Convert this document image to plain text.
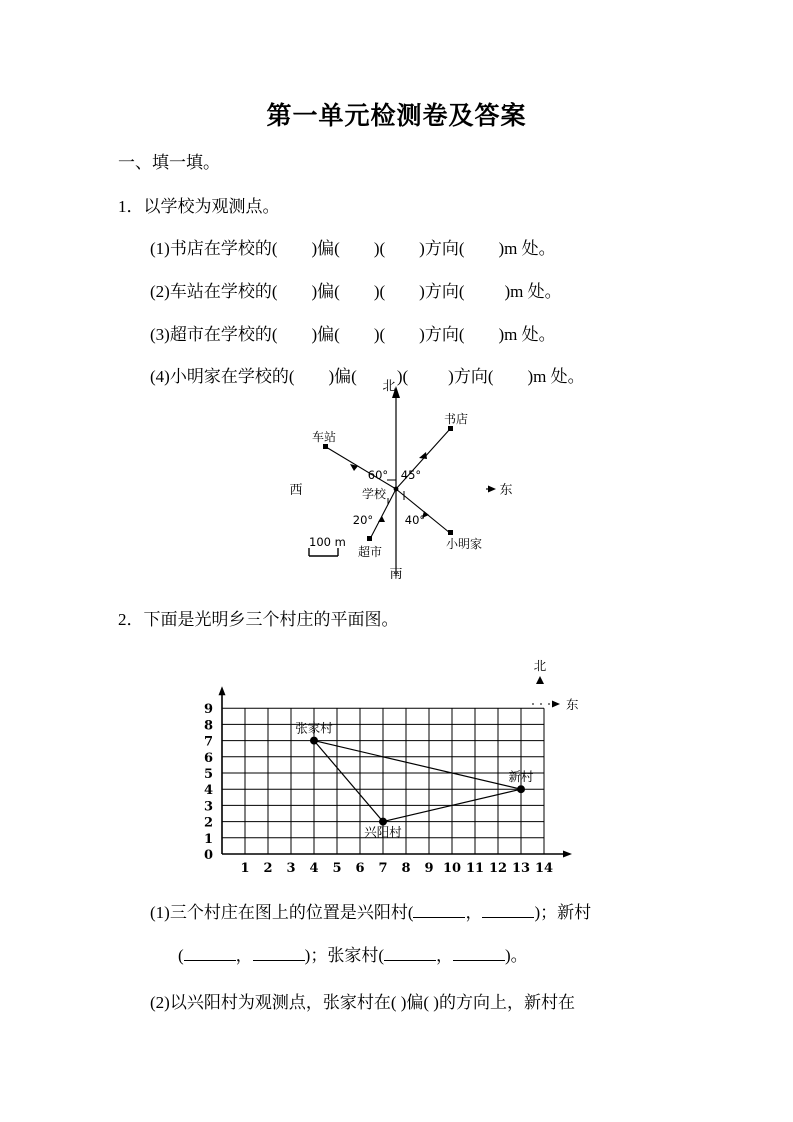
第一单元检测卷及答案
一、填一填。
1．以学校为观测点。
(1)书店在学校的( )偏( )( )方向( )m 处。
(2)车站在学校的( )偏( )( )方向( )m 处。
(3)超市在学校的( )偏( )( )方向( )m 处。
(4)小明家在学校的( )偏( )( )方向( )m 处。
北
南
西	东
车站
书店
超市
小明家
学校
60° 45°
20°	40°
100 m
2．下面是光明乡三个村庄的平面图。
张家村
兴阳村
新村
1 2 3 4 5 6 7 8 9 10 11 12 13 14
0
1
2
3
4
5
6
7
8
9
北
东
(1)三个村庄在图上的位置是兴阳村(	，	)；新村
(	，	)；张家村(	，	)。
(2)以兴阳村为观测点，张家村在( )偏( )的方向上，新村在
